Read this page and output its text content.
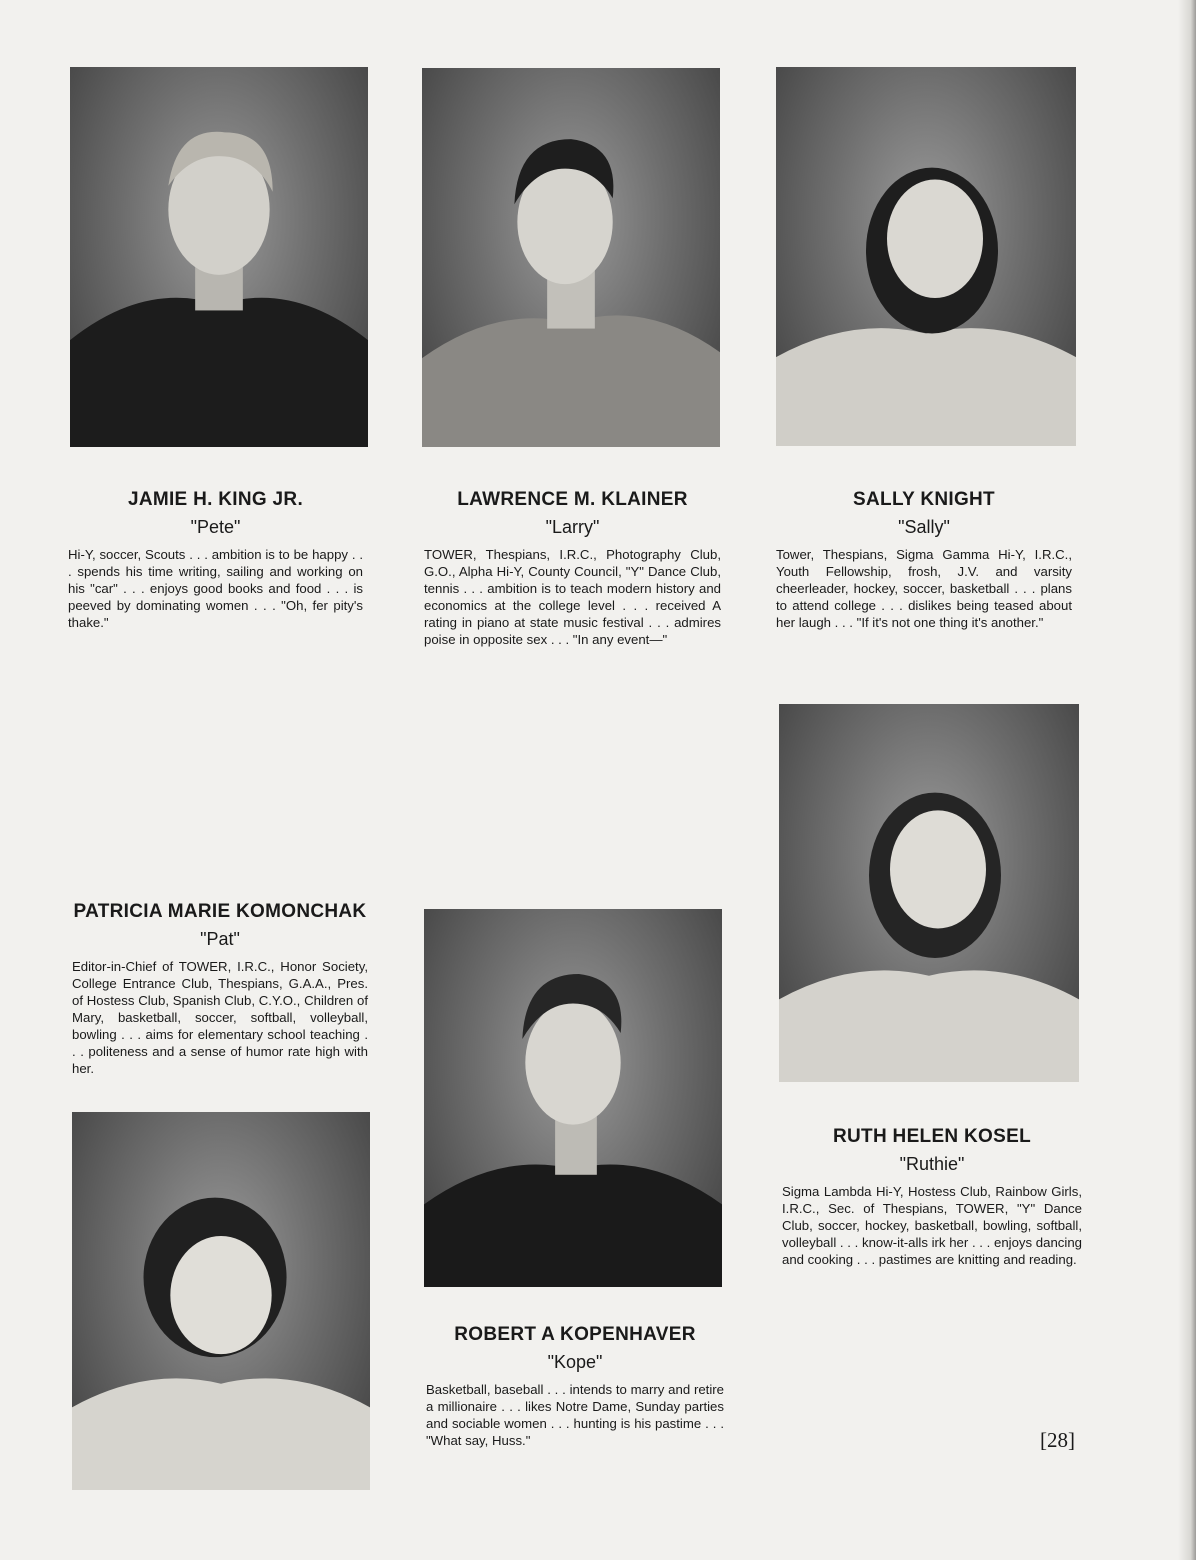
JAMIE H. KING JR.

"Pete"

Hi-Y, soccer, Scouts . . . ambition is to be happy . . . spends his time writing, sailing and working on his "car" . . . enjoys good books and food . . . is peeved by dominating women . . . "Oh, fer pity's thake."

LAWRENCE M. KLAINER

"Larry"

TOWER, Thespians, I.R.C., Photography Club, G.O., Alpha Hi-Y, County Council, "Y" Dance Club, tennis . . . ambition is to teach modern history and economics at the college level . . . received A rating in piano at state music festival . . . admires poise in opposite sex . . . "In any event—"

SALLY KNIGHT

"Sally"

Tower, Thespians, Sigma Gamma Hi-Y, I.R.C., Youth Fellowship, frosh, J.V. and varsity cheerleader, hockey, soccer, basketball . . . plans to attend college . . . dislikes being teased about her laugh . . . "If it's not one thing it's another."

PATRICIA MARIE KOMONCHAK

"Pat"

Editor-in-Chief of TOWER, I.R.C., Honor Society, College Entrance Club, Thespians, G.A.A., Pres. of Hostess Club, Spanish Club, C.Y.O., Children of Mary, basketball, soccer, softball, volleyball, bowling . . . aims for elementary school teaching . . . politeness and a sense of humor rate high with her.

ROBERT A KOPENHAVER

"Kope"

Basketball, baseball . . . intends to marry and retire a millionaire . . . likes Notre Dame, Sunday parties and sociable women . . . hunting is his pastime . . . "What say, Huss."

RUTH HELEN KOSEL

"Ruthie"

Sigma Lambda Hi-Y, Hostess Club, Rainbow Girls, I.R.C., Sec. of Thespians, TOWER, "Y" Dance Club, soccer, hockey, basketball, bowling, softball, volleyball . . . know-it-alls irk her . . . enjoys dancing and cooking . . . pastimes are knitting and reading.

[28]
